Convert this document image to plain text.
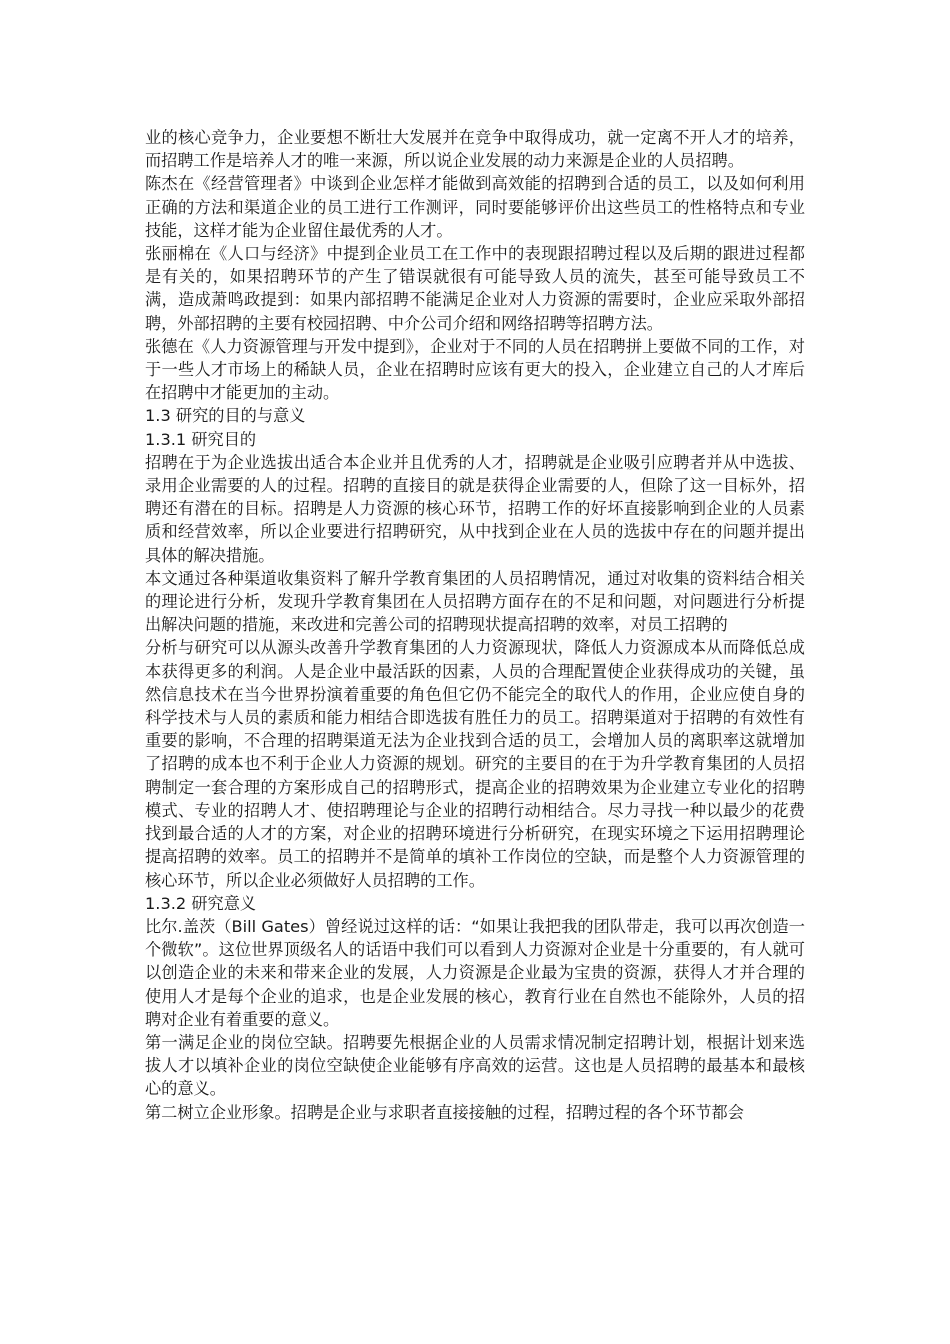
业的核心竞争力，企业要想不断壮大发展并在竞争中取得成功，就一定离不开人才的培养，而招聘工作是培养人才的唯一来源，所以说企业发展的动力来源是企业的人员招聘。

陈杰在《经营管理者》中谈到企业怎样才能做到高效能的招聘到合适的员工，以及如何利用正确的方法和渠道企业的员工进行工作测评，同时要能够评价出这些员工的性格特点和专业技能，这样才能为企业留住最优秀的人才。

张丽棉在《人口与经济》中提到企业员工在工作中的表现跟招聘过程以及后期的跟进过程都是有关的，如果招聘环节的产生了错误就很有可能导致人员的流失，甚至可能导致员工不满，造成萧鸣政提到：如果内部招聘不能满足企业对人力资源的需要时，企业应采取外部招聘，外部招聘的主要有校园招聘、中介公司介绍和网络招聘等招聘方法。

张德在《人力资源管理与开发中提到》，企业对于不同的人员在招聘拼上要做不同的工作，对于一些人才市场上的稀缺人员，企业在招聘时应该有更大的投入，企业建立自己的人才库后在招聘中才能更加的主动。

1.3 研究的目的与意义

1.3.1 研究目的

招聘在于为企业选拔出适合本企业并且优秀的人才，招聘就是企业吸引应聘者并从中选拔、录用企业需要的人的过程。招聘的直接目的就是获得企业需要的人，但除了这一目标外，招聘还有潜在的目标。招聘是人力资源的核心环节，招聘工作的好坏直接影响到企业的人员素质和经营效率，所以企业要进行招聘研究，从中找到企业在人员的选拔中存在的问题并提出具体的解决措施。

本文通过各种渠道收集资料了解升学教育集团的人员招聘情况，通过对收集的资料结合相关的理论进行分析，发现升学教育集团在人员招聘方面存在的不足和问题，对问题进行分析提出解决问题的措施，来改进和完善公司的招聘现状提高招聘的效率，对员工招聘的

分析与研究可以从源头改善升学教育集团的人力资源现状，降低人力资源成本从而降低总成本获得更多的利润。人是企业中最活跃的因素，人员的合理配置使企业获得成功的关键，虽然信息技术在当今世界扮演着重要的角色但它仍不能完全的取代人的作用，企业应使自身的科学技术与人员的素质和能力相结合即选拔有胜任力的员工。招聘渠道对于招聘的有效性有重要的影响，不合理的招聘渠道无法为企业找到合适的员工，会增加人员的离职率这就增加了招聘的成本也不利于企业人力资源的规划。研究的主要目的在于为升学教育集团的人员招聘制定一套合理的方案形成自己的招聘形式，提高企业的招聘效果为企业建立专业化的招聘模式、专业的招聘人才、使招聘理论与企业的招聘行动相结合。尽力寻找一种以最少的花费找到最合适的人才的方案，对企业的招聘环境进行分析研究，在现实环境之下运用招聘理论提高招聘的效率。员工的招聘并不是简单的填补工作岗位的空缺，而是整个人力资源管理的核心环节，所以企业必须做好人员招聘的工作。

1.3.2 研究意义

比尔.盖茨（Bill Gates）曾经说过这样的话：“如果让我把我的团队带走，我可以再次创造一个微软”。这位世界顶级名人的话语中我们可以看到人力资源对企业是十分重要的，有人就可以创造企业的未来和带来企业的发展，人力资源是企业最为宝贵的资源，获得人才并合理的使用人才是每个企业的追求，也是企业发展的核心，教育行业在自然也不能除外，人员的招聘对企业有着重要的意义。

第一满足企业的岗位空缺。招聘要先根据企业的人员需求情况制定招聘计划，根据计划来选拔人才以填补企业的岗位空缺使企业能够有序高效的运营。这也是人员招聘的最基本和最核心的意义。

第二树立企业形象。招聘是企业与求职者直接接触的过程，招聘过程的各个环节都会
